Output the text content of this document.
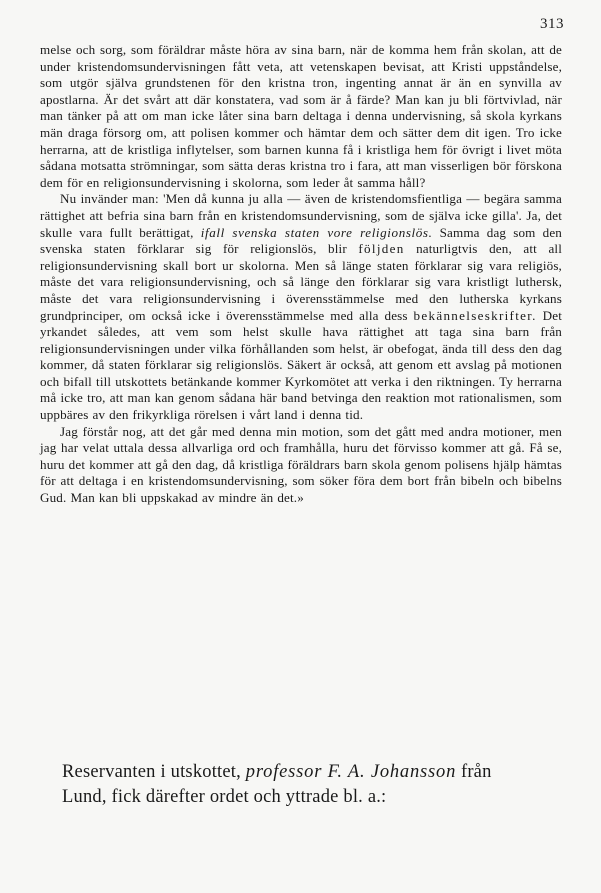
313

melse och sorg, som föräldrar måste höra av sina barn, när de komma hem från skolan, att de under kristendomsundervisningen fått veta, att vetenskapen bevisat, att Kristi uppståndelse, som utgör själva grundstenen för den kristna tron, ingenting annat är än en synvilla av apostlarna. Är det svårt att där konstatera, vad som är å färde? Man kan ju bli förtvivlad, när man tänker på att om man icke låter sina barn deltaga i denna undervisning, så skola kyrkans män draga försorg om, att polisen kommer och hämtar dem och sätter dem dit igen. Tro icke herrarna, att de kristliga inflytelser, som barnen kunna få i kristliga hem för övrigt i livet möta sådana motsatta strömningar, som sätta deras kristna tro i fara, att man visserligen bör förskona dem för en religionsundervisning i skolorna, som leder åt samma håll?

Nu invänder man: 'Men då kunna ju alla — även de kristendomsfientliga — begära samma rättighet att befria sina barn från en kristendomsundervisning, som de själva icke gilla'. Ja, det skulle vara fullt berättigat, ifall svenska staten vore religionslös. Samma dag som den svenska staten förklarar sig för religionslös, blir följden naturligtvis den, att all religionsundervisning skall bort ur skolorna. Men så länge staten förklarar sig vara religiös, måste det vara religionsundervisning, och så länge den förklarar sig vara kristligt luthersk, måste det vara religionsundervisning i överensstämmelse med den lutherska kyrkans grundprinciper, om också icke i överensstämmelse med alla dess bekännelseskrifter. Det yrkandet således, att vem som helst skulle hava rättighet att taga sina barn från religionsundervisningen under vilka förhållanden som helst, är obefogat, ända till dess den dag kommer, då staten förklarar sig religionslös. Säkert är också, att genom ett avslag på motionen och bifall till utskottets betänkande kommer Kyrkomötet att verka i den riktningen. Ty herrarna må icke tro, att man kan genom sådana här band betvinga den reaktion mot rationalismen, som uppbäres av den frikyrkliga rörelsen i vårt land i denna tid.

Jag förstår nog, att det går med denna min motion, som det gått med andra motioner, men jag har velat uttala dessa allvarliga ord och framhålla, huru det förvisso kommer att gå. Få se, huru det kommer att gå den dag, då kristliga föräldrars barn skola genom polisens hjälp hämtas för att deltaga i en kristendomsundervisning, som söker föra dem bort från bibeln och bibelns Gud. Man kan bli uppskakad av mindre än det.»

Reservanten i utskottet, professor F. A. Johansson från Lund, fick därefter ordet och yttrade bl. a.:
